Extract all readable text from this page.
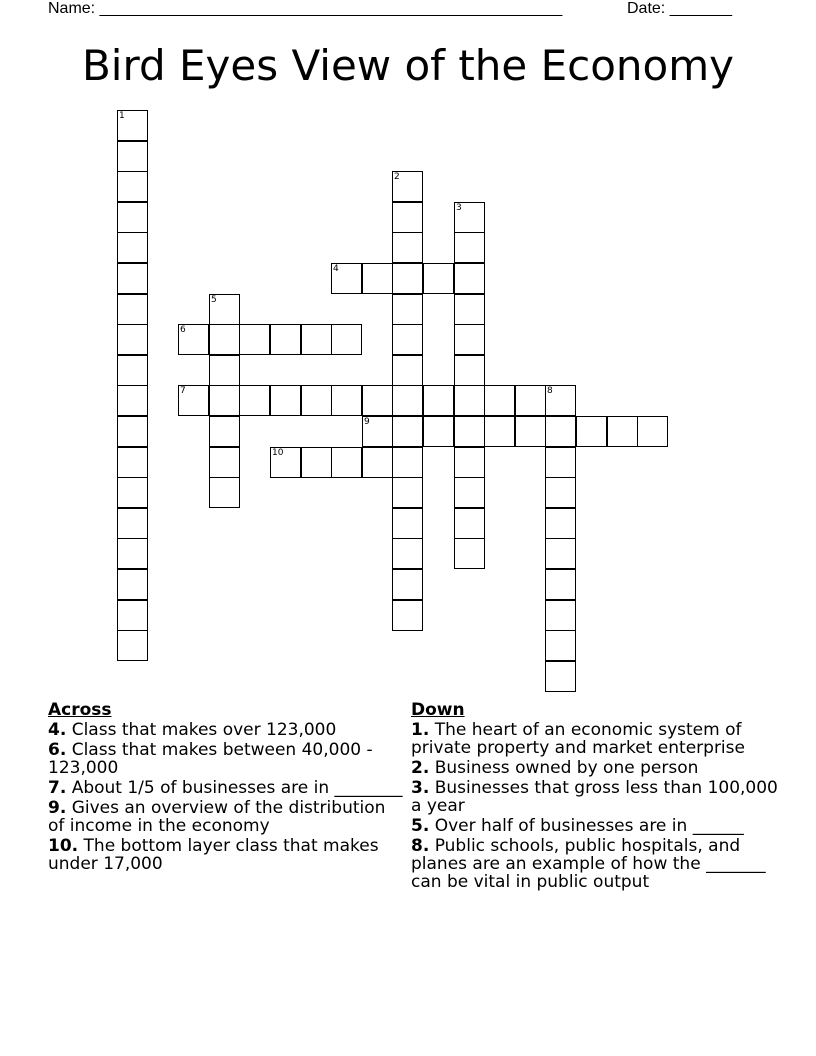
Name: ____________________________________________________	Date: _______
Bird Eyes View of the Economy
1
2
3
4
5
6
7	8
9
10
Across
4. Class that makes over 123,000
6. Class that makes between 40,000 - 123,000
7. About 1/5 of businesses are in ________
9. Gives an overview of the distribution of income in the economy
10. The bottom layer class that makes under 17,000
Down
1. The heart of an economic system of private property and market enterprise
2. Business owned by one person
3. Businesses that gross less than 100,000 a year
5. Over half of businesses are in ______
8. Public schools, public hospitals, and planes are an example of how the _______ can be vital in public output
